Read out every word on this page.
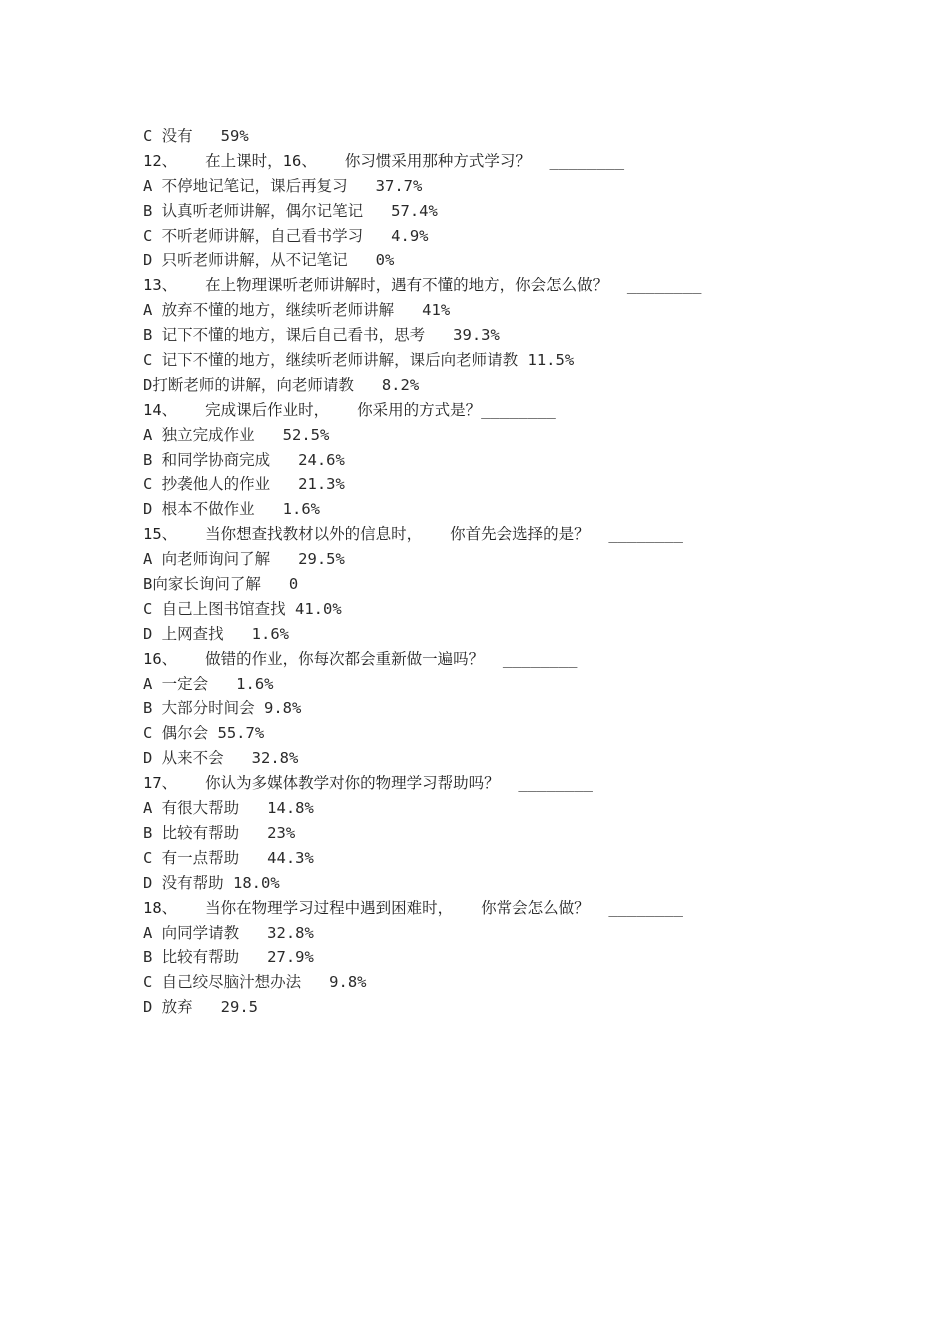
C 没有   59%
12、   在上课时，16、   你习惯采用那种方式学习？  ________
A 不停地记笔记，课后再复习   37.7%
B 认真听老师讲解，偶尔记笔记   57.4%
C 不听老师讲解，自己看书学习   4.9%
D 只听老师讲解，从不记笔记   0%
13、   在上物理课听老师讲解时，遇有不懂的地方，你会怎么做？  ________
A 放弃不懂的地方，继续听老师讲解   41%
B 记下不懂的地方，课后自己看书，思考   39.3%
C 记下不懂的地方，继续听老师讲解，课后向老师请教 11.5%
D打断老师的讲解，向老师请教   8.2%
14、   完成课后作业时，   你采用的方式是？________
A 独立完成作业   52.5%
B 和同学协商完成   24.6%
C 抄袭他人的作业   21.3%
D 根本不做作业   1.6%
15、   当你想查找教材以外的信息时，   你首先会选择的是？  ________
A 向老师询问了解   29.5%
B向家长询问了解   0
C 自己上图书馆查找 41.0%
D 上网查找   1.6%
16、   做错的作业，你每次都会重新做一遍吗？  ________
A 一定会   1.6%
B 大部分时间会 9.8%
C 偶尔会 55.7%
D 从来不会   32.8%
17、   你认为多媒体教学对你的物理学习帮助吗？  ________
A 有很大帮助   14.8%
B 比较有帮助   23%
C 有一点帮助   44.3%
D 没有帮助 18.0%
18、   当你在物理学习过程中遇到困难时，   你常会怎么做？  ________
A 向同学请教   32.8%
B 比较有帮助   27.9%
C 自己绞尽脑汁想办法   9.8%
D 放弃   29.5
